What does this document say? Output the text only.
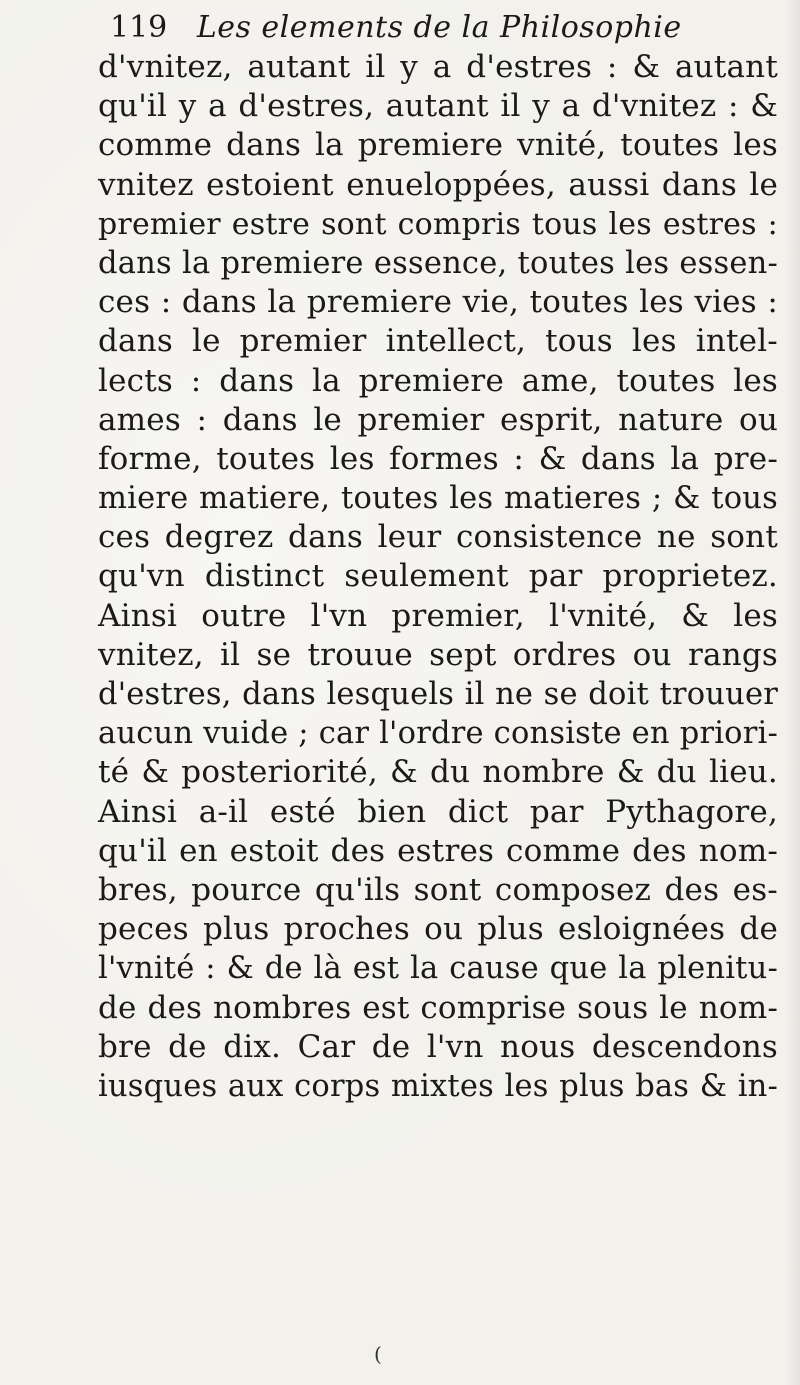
119 Les elements de la Philosophie
d'vnitez, autant il y a d'estres : & autant
qu'il y a d'estres, autant il y a d'vnitez : &
comme dans la premiere vnité, toutes les
vnitez estoient enueloppées, aussi dans le
premier estre sont compris tous les estres :
dans la premiere essence, toutes les essen-
ces : dans la premiere vie, toutes les vies :
dans le premier intellect, tous les intel-
lects : dans la premiere ame, toutes les
ames : dans le premier esprit, nature ou
forme, toutes les formes : & dans la pre-
miere matiere, toutes les matieres ; & tous
ces degrez dans leur consistence ne sont
qu'vn distinct seulement par proprietez.
Ainsi outre l'vn premier, l'vnité, & les
vnitez, il se trouue sept ordres ou rangs
d'estres, dans lesquels il ne se doit trouuer
aucun vuide ; car l'ordre consiste en priori-
té & posteriorité, & du nombre & du lieu.
Ainsi a-il esté bien dict par Pythagore,
qu'il en estoit des estres comme des nom-
bres, pource qu'ils sont composez des es-
peces plus proches ou plus esloignées de
l'vnité : & de là est la cause que la plenitu-
de des nombres est comprise sous le nom-
bre de dix. Car de l'vn nous descendons
iusques aux corps mixtes les plus bas & in-
(
